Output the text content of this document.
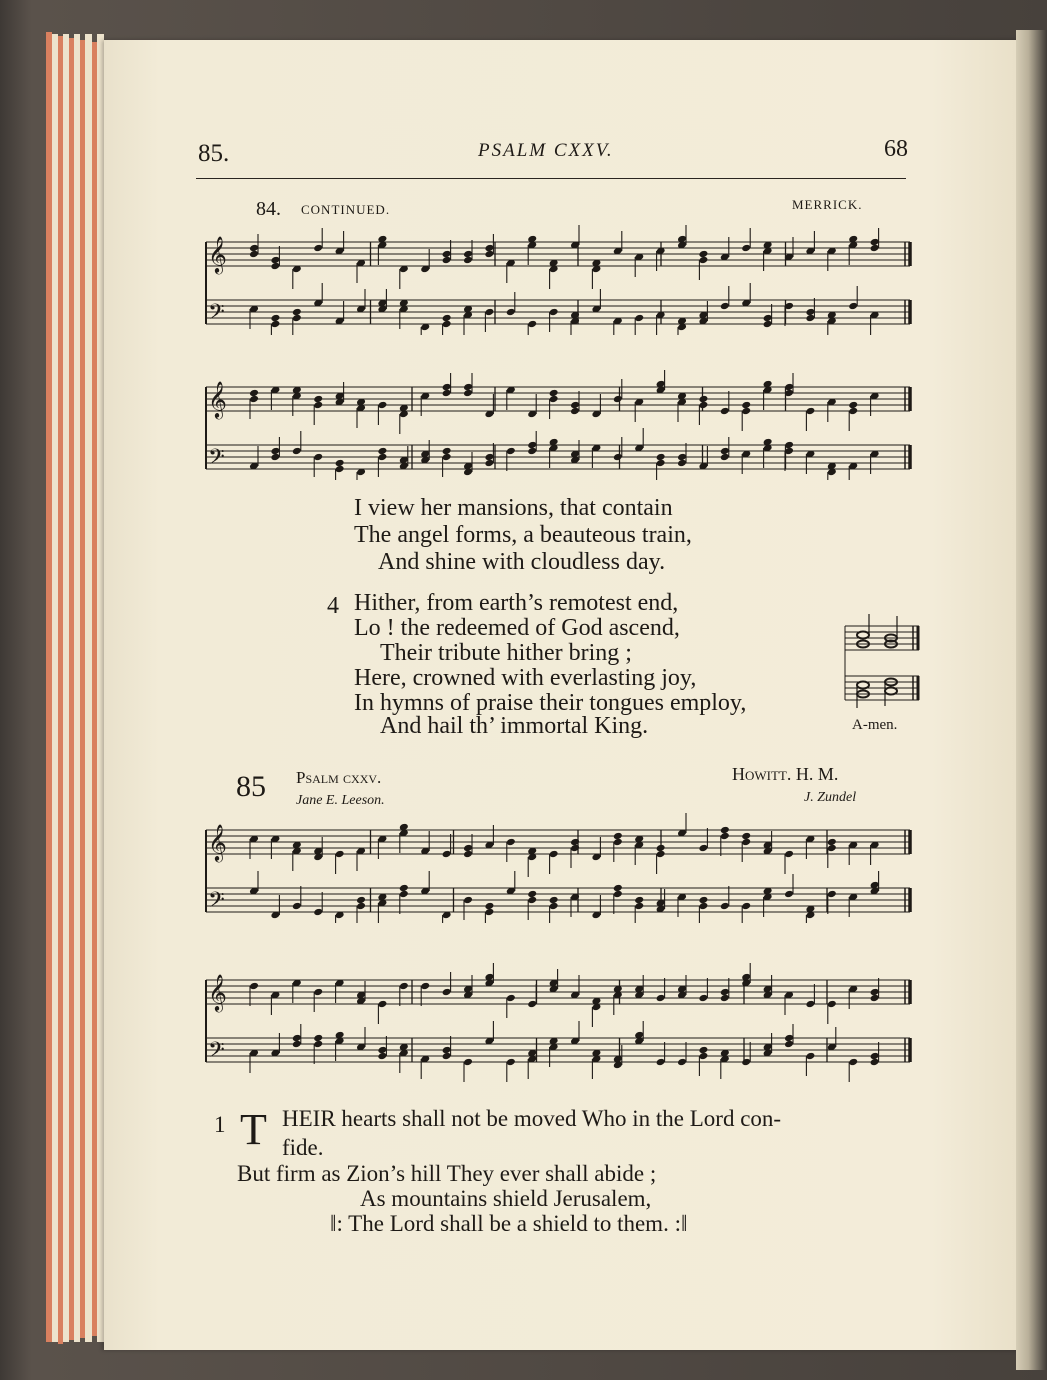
85.	PSALM CXXV.	68

84. CONTINUED.	MERRICK.

𝄞
𝄢
𝄞
𝄢

I view her mansions, that contain

The angel forms, a beauteous train,

And shine with cloudless day.

4 Hither, from earth’s remotest end,

Lo ! the redeemed of God ascend,

Their tribute hither bring ;

Here, crowned with everlasting joy,

In hymns of praise their tongues employ,

And hail th’ immortal King.	A-men.

85 Psalm cxxv.

Jane E. Leeson.

Howitt. H. M.

J. Zundel

𝄞
𝄢
𝄞
𝄢

1 T HEIR hearts shall not be moved Who in the Lord con-

fide.

But firm as Zion’s hill They ever shall abide ;

As mountains shield Jerusalem,

‖: The Lord shall be a shield to them. :‖
